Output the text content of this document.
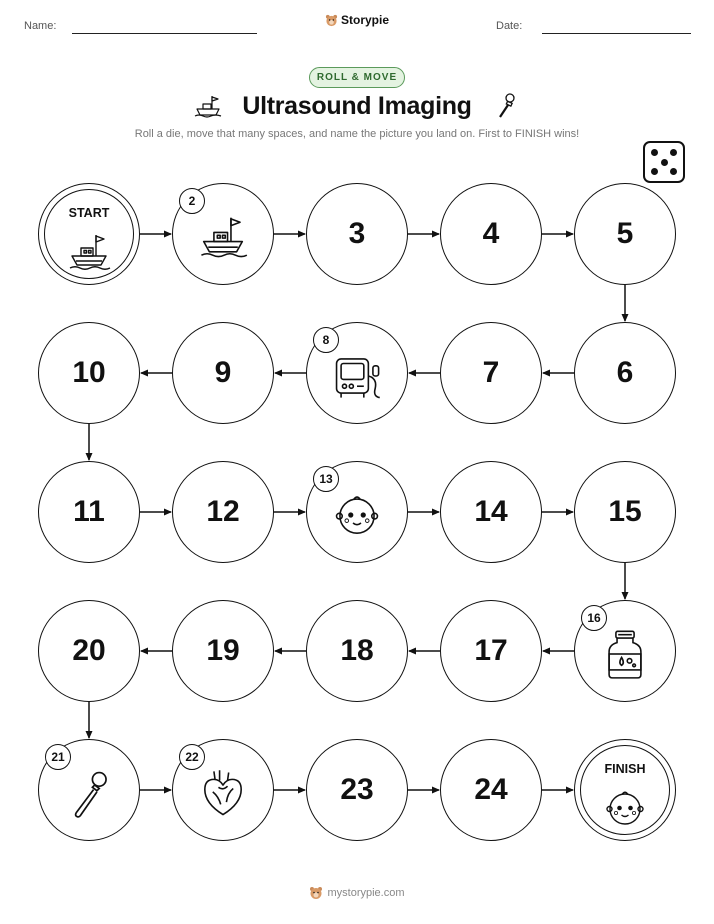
Name:	Storypie	Date:
ROLL & MOVE
Ultrasound Imaging
Roll a die, move that many spaces, and name the picture you land on. First to FINISH wins!
START
2
3	4	5
6
7
8
9
10
11	12
13
14	15
16
17
18
19
20
21	22
23	24
FINISH
mystorypie.com
